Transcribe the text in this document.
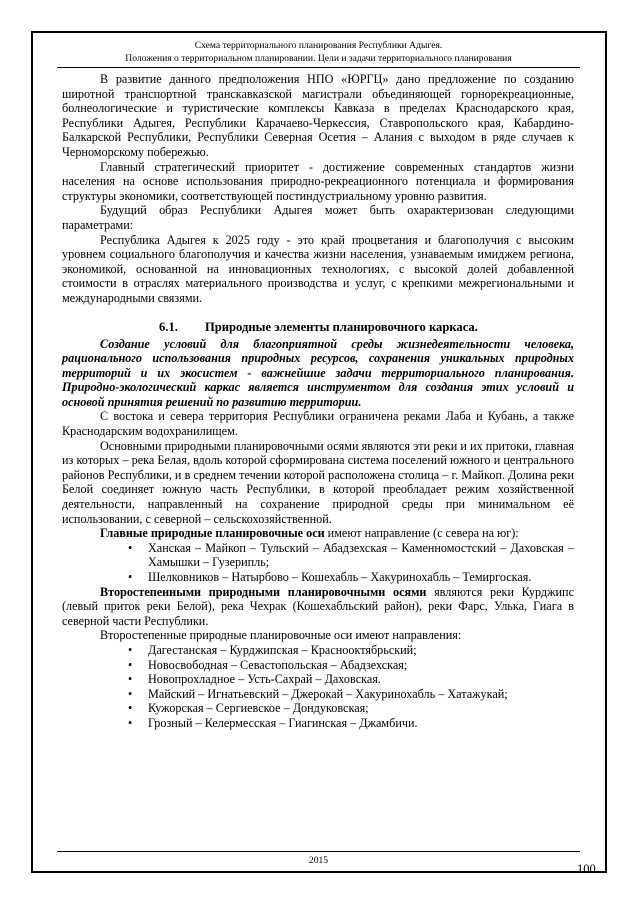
Схема территориального планирования Республики Адыгея.
Положения о территориальном планировании. Цели и задачи территориального планирования

В развитие данного предположения НПО «ЮРГЦ» дано предложение по созданию широтной транспортной транскавказской магистрали объединяющей горнорекреационные, болнеологические и туристические комплексы Кавказа в пределах Краснодарского края, Республики Адыгея, Республики Карачаево-Черкессия, Ставропольского края, Кабардино-Балкарской Республики, Республики Северная Осетия – Алания с выходом в ряде случаев к Черноморскому побережью.

Главный стратегический приоритет - достижение современных стандартов жизни населения на основе использования природно-рекреационного потенциала и формирования структуры экономики, соответствующей постиндустриальному уровню развития.

Будущий образ Республики Адыгея может быть охарактеризован следующими параметрами:

Республика Адыгея к 2025 году - это край процветания и благополучия с высоким уровнем социального благополучия и качества жизни населения, узнаваемым имиджем региона, экономикой, основанной на инновационных технологиях, с высокой долей добавленной стоимости в отраслях материального производства и услуг, с крепкими межрегиональными и международными связями.

6.1. Природные элементы планировочного каркаса.

Создание условий для благоприятной среды жизнедеятельности человека, рационального использования природных ресурсов, сохранения уникальных природных территорий и их экосистем - важнейшие задачи территориального планирования. Природно-экологический каркас является инструментом для создания этих условий и основой принятия решений по развитию территории.

С востока и севера территория Республики ограничена реками Лаба и Кубань, а также Краснодарским водохранилищем.

Основными природными планировочными осями являются эти реки и их притоки, главная из которых – река Белая, вдоль которой сформирована система поселений южного и центрального районов Республики, и в среднем течении которой расположена столица – г. Майкоп. Долина реки Белой соединяет южную часть Республики, в которой преобладает режим хозяйственной деятельности, направленный на сохранение природной среды при минимальном её использовании, с северной – сельскохозяйственной.

Главные природные планировочные оси имеют направление (с севера на юг):

• Ханская – Майкоп – Тульский – Абадзехская – Каменномостский – Даховская – Хамышки – Гузерипль;
• Шелковников – Натырбово – Кошехабль – Хакуринохабль – Темиргоская.

Второстепенными природными планировочными осями являются реки Курджипс (левый приток реки Белой), река Чехрак (Кошехабльский район), реки Фарс, Улька, Гиага в северной части Республики.

Второстепенные природные планировочные оси имеют направления:

• Дагестанская – Курджипская – Краснооктябрьский;
• Новосвободная – Севастопольская – Абадзехская;
• Новопрохладное – Усть-Сахрай – Даховская.
• Майский – Игнатьевский – Джерокай – Хакуринохабль – Хатажукай;
• Кужорская – Сергиевское – Дондуковская;
• Грозный – Келермесская – Гиагинская – Джамбичи.
2015
100
